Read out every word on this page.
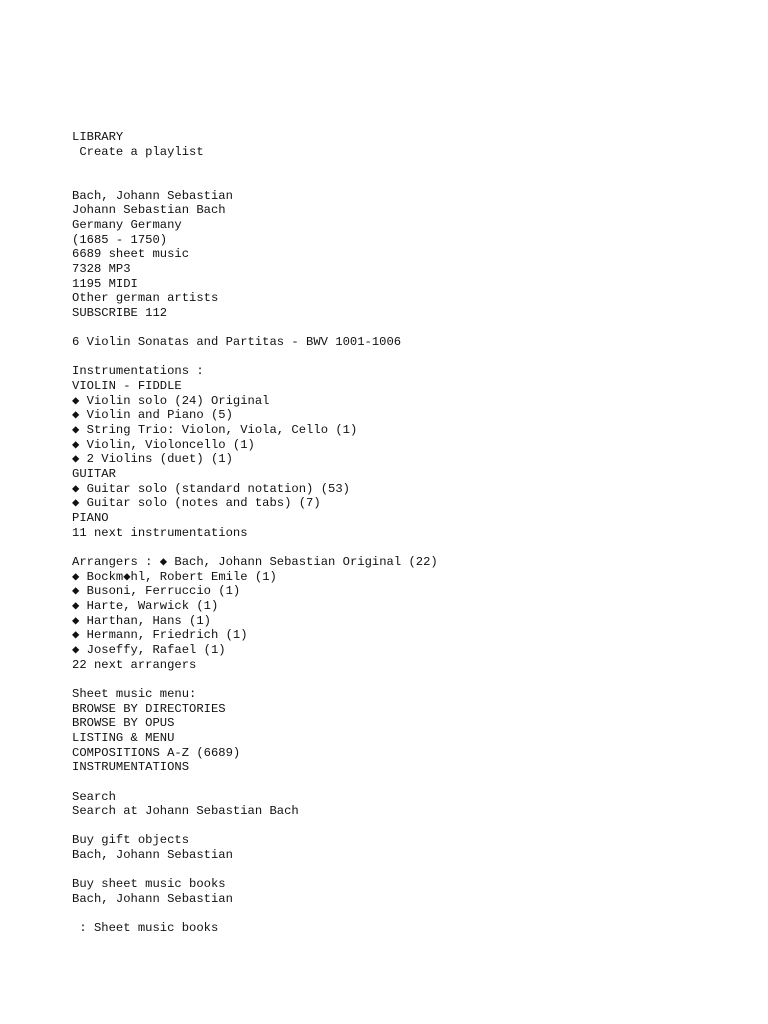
LIBRARY
Create a playlist
Bach, Johann Sebastian
Johann Sebastian Bach
Germany Germany
(1685 - 1750)
6689 sheet music
7328 MP3
1195 MIDI
Other german artists
SUBSCRIBE 112
6 Violin Sonatas and Partitas - BWV 1001-1006
Instrumentations :
VIOLIN - FIDDLE
◆ Violin solo (24) Original
◆ Violin and Piano (5)
◆ String Trio: Violon, Viola, Cello (1)
◆ Violin, Violoncello (1)
◆ 2 Violins (duet) (1)
GUITAR
◆ Guitar solo (standard notation) (53)
◆ Guitar solo (notes and tabs) (7)
PIANO
11 next instrumentations
Arrangers : ◆ Bach, Johann Sebastian Original (22)
◆ Bockm◆hl, Robert Emile (1)
◆ Busoni, Ferruccio (1)
◆ Harte, Warwick (1)
◆ Harthan, Hans (1)
◆ Hermann, Friedrich (1)
◆ Joseffy, Rafael (1)
22 next arrangers
Sheet music menu:
BROWSE BY DIRECTORIES
BROWSE BY OPUS
LISTING & MENU
COMPOSITIONS A-Z (6689)
INSTRUMENTATIONS
Search
Search at Johann Sebastian Bach
Buy gift objects
Bach, Johann Sebastian
Buy sheet music books
Bach, Johann Sebastian
: Sheet music books
